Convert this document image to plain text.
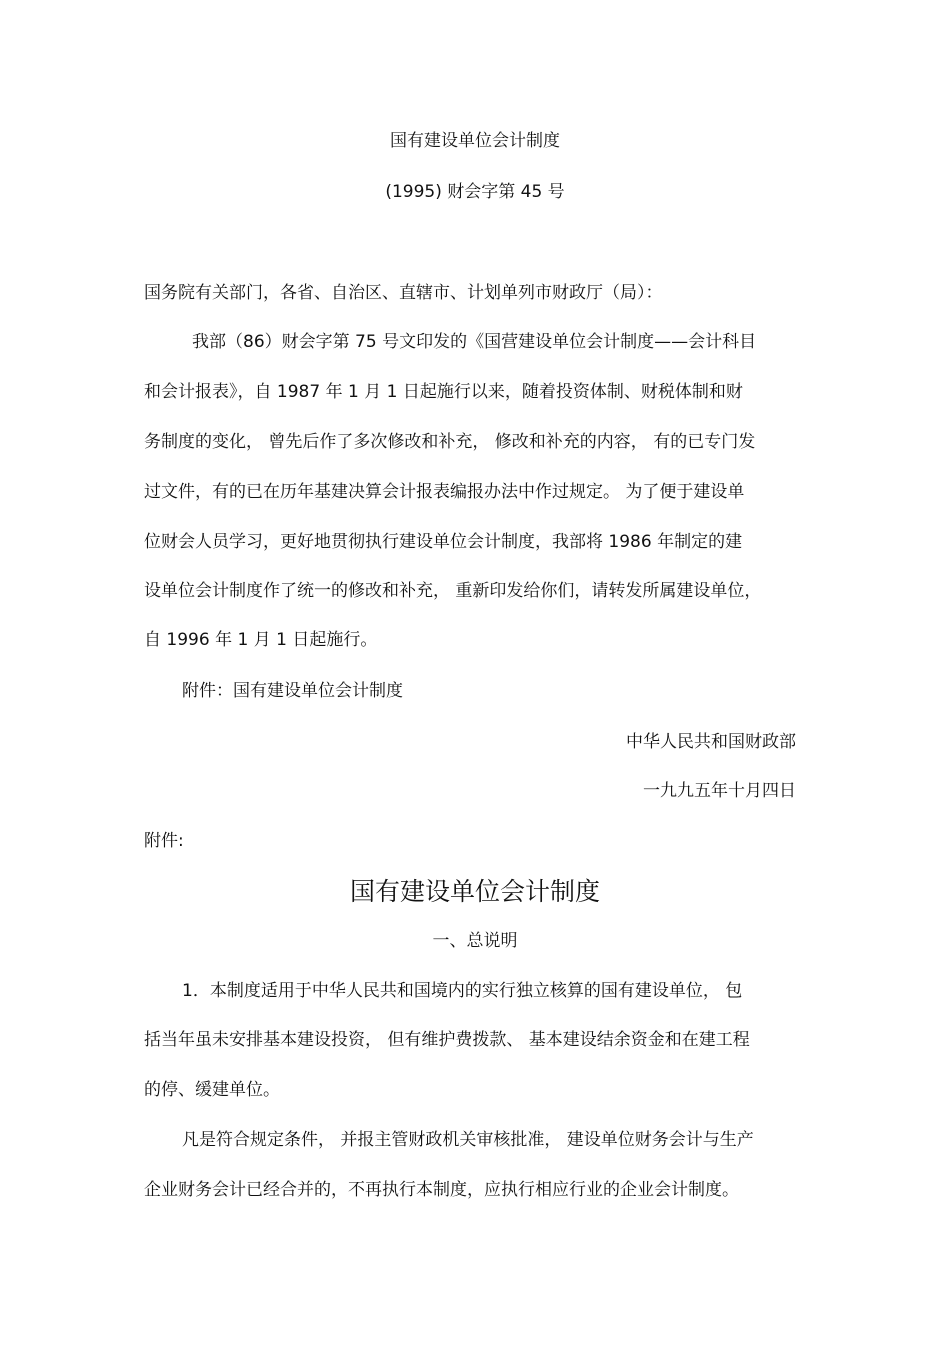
国有建设单位会计制度
(1995) 财会字第 45 号
国务院有关部门，各省、自治区、直辖市、计划单列市财政厅（局）：
我部（86）财会字第 75 号文印发的《国营建设单位会计制度——会计科目
和会计报表》，自 1987 年 1 月 1 日起施行以来，随着投资体制、财税体制和财
务制度的变化， 曾先后作了多次修改和补充， 修改和补充的内容， 有的已专门发
过文件，有的已在历年基建决算会计报表编报办法中作过规定。 为了便于建设单
位财会人员学习，更好地贯彻执行建设单位会计制度，我部将 1986 年制定的建
设单位会计制度作了统一的修改和补充， 重新印发给你们，请转发所属建设单位，
自 1996 年 1 月 1 日起施行。
附件：国有建设单位会计制度
中华人民共和国财政部
一九九五年十月四日
附件:
国有建设单位会计制度
一、总说明
1．本制度适用于中华人民共和国境内的实行独立核算的国有建设单位， 包
括当年虽未安排基本建设投资， 但有维护费拨款、 基本建设结余资金和在建工程
的停、缓建单位。
凡是符合规定条件， 并报主管财政机关审核批准， 建设单位财务会计与生产
企业财务会计已经合并的，不再执行本制度，应执行相应行业的企业会计制度。
